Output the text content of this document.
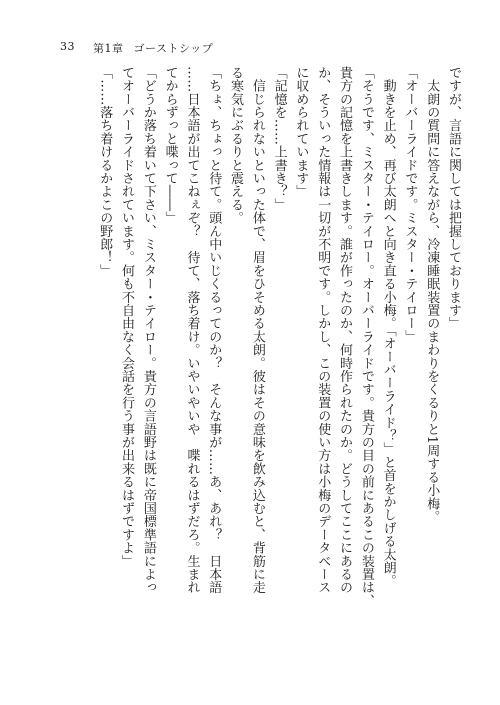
33 第1章 ゴーストシップ
ですが、言語に関しては把握しております」
　太朗の質問に答えながら、冷凍睡眠装置のまわりをくるりと1周する小梅。
「オーバーライドです。ミスター・テイロー」
　動きを止め、再び太朗へと向き直る小梅。「オーバーライド？」と首をかしげる太朗。
「そうです、ミスター・テイロー。オーバーライドです。貴方の目の前にあるこの装置は、
貴方の記憶を上書きします。誰が作ったのか、何時作られたのか。どうしてここにあるの
か、そういった情報は一切が不明です。しかし、この装置の使い方は小梅のデータベース
に収められています」
「記憶を……上書き？」
　信じられないといった体で、眉をひそめる太朗。彼はその意味を飲み込むと、背筋に走
る寒気にぶるりと震える。
「ちょ、ちょっと待て。頭ん中いじくるってのか？　そんな事が……あ、あれ？　日本語
……日本語が出てこねぇぞ？　待て、落ち着け。いやいやいや　喋れるはずだろ。生まれ
てからずっと喋って――」
「どうか落ち着いて下さい、ミスター・テイロー。貴方の言語野は既に帝国標準語によっ
てオーバーライドされています。何も不自由なく会話を行う事が出来るはずですよ」
「……落ち着けるかよこの野郎！」
